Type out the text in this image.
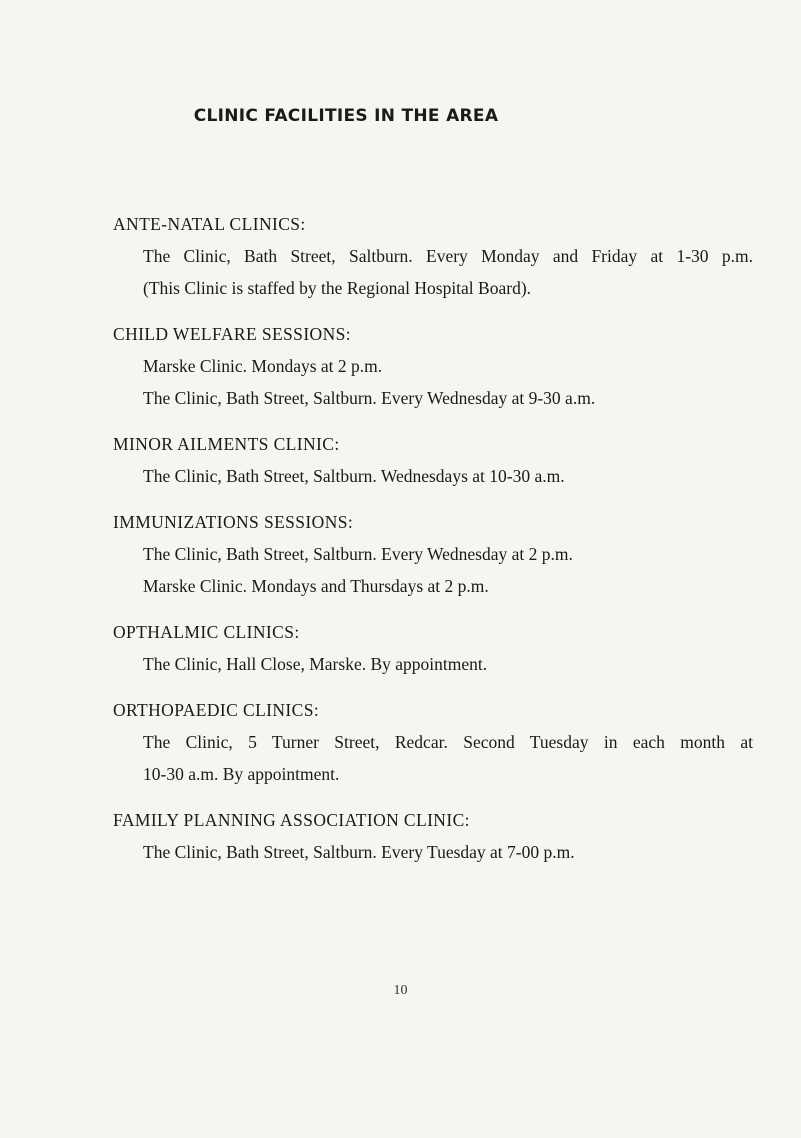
CLINIC FACILITIES IN THE AREA

ANTE-NATAL CLINICS:

The Clinic, Bath Street, Saltburn. Every Monday and Friday at 1-30 p.m.

(This Clinic is staffed by the Regional Hospital Board).

CHILD WELFARE SESSIONS:

Marske Clinic. Mondays at 2 p.m.

The Clinic, Bath Street, Saltburn. Every Wednesday at 9-30 a.m.

MINOR AILMENTS CLINIC:

The Clinic, Bath Street, Saltburn. Wednesdays at 10-30 a.m.

IMMUNIZATIONS SESSIONS:

The Clinic, Bath Street, Saltburn. Every Wednesday at 2 p.m.

Marske Clinic. Mondays and Thursdays at 2 p.m.

OPTHALMIC CLINICS:

The Clinic, Hall Close, Marske. By appointment.

ORTHOPAEDIC CLINICS:

The Clinic, 5 Turner Street, Redcar. Second Tuesday in each month at

10-30 a.m. By appointment.

FAMILY PLANNING ASSOCIATION CLINIC:

The Clinic, Bath Street, Saltburn. Every Tuesday at 7-00 p.m.

10
